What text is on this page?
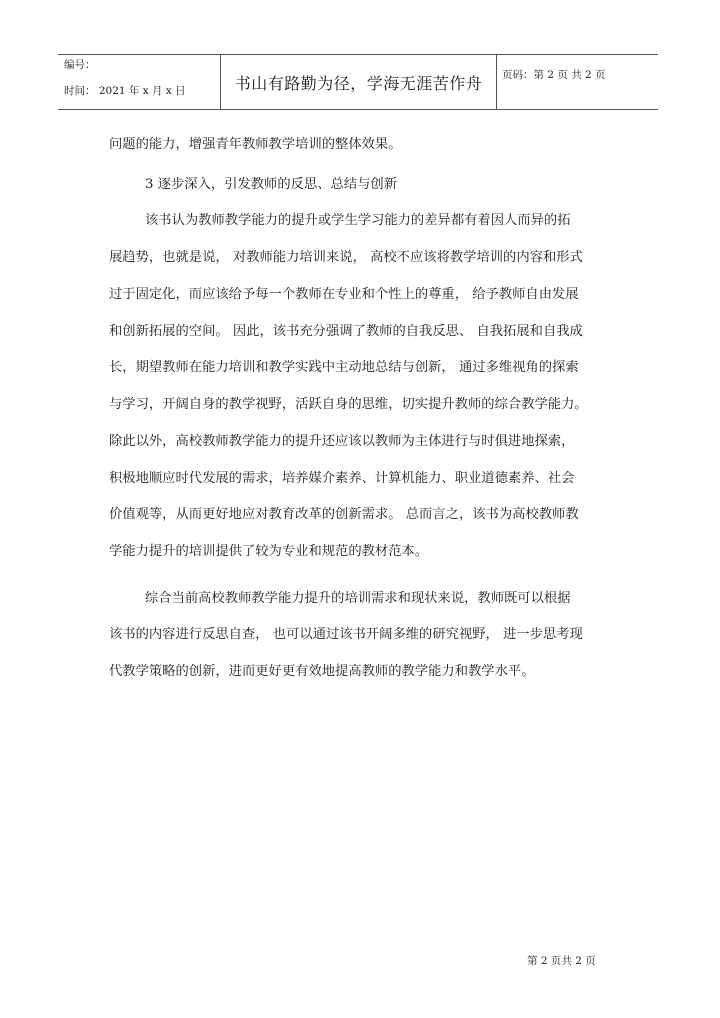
编号：
时间： 2021 年 x 月 x 日	书山有路勤为径，学海无涯苦作舟	页码：第 2 页 共 2 页
问题的能力，增强青年教师教学培训的整体效果。
3 逐步深入，引发教师的反思、总结与创新
该书认为教师教学能力的提升或学生学习能力的差异都有着因人而异的拓
展趋势，也就是说， 对教师能力培训来说， 高校不应该将教学培训的内容和形式
过于固定化，而应该给予每一个教师在专业和个性上的尊重， 给予教师自由发展
和创新拓展的空间。 因此，该书充分强调了教师的自我反思、 自我拓展和自我成
长，期望教师在能力培训和教学实践中主动地总结与创新， 通过多维视角的探索
与学习，开阔自身的教学视野，活跃自身的思维，切实提升教师的综合教学能力。
除此以外，高校教师教学能力的提升还应该以教师为主体进行与时俱进地探索，
积极地顺应时代发展的需求，培养媒介素养、计算机能力、职业道德素养、社会
价值观等，从而更好地应对教育改革的创新需求。 总而言之，该书为高校教师教
学能力提升的培训提供了较为专业和规范的教材范本。
综合当前高校教师教学能力提升的培训需求和现状来说，教师既可以根据
该书的内容进行反思自查， 也可以通过该书开阔多维的研究视野， 进一步思考现
代教学策略的创新，进而更好更有效地提高教师的教学能力和教学水平。
第 2 页共 2 页
